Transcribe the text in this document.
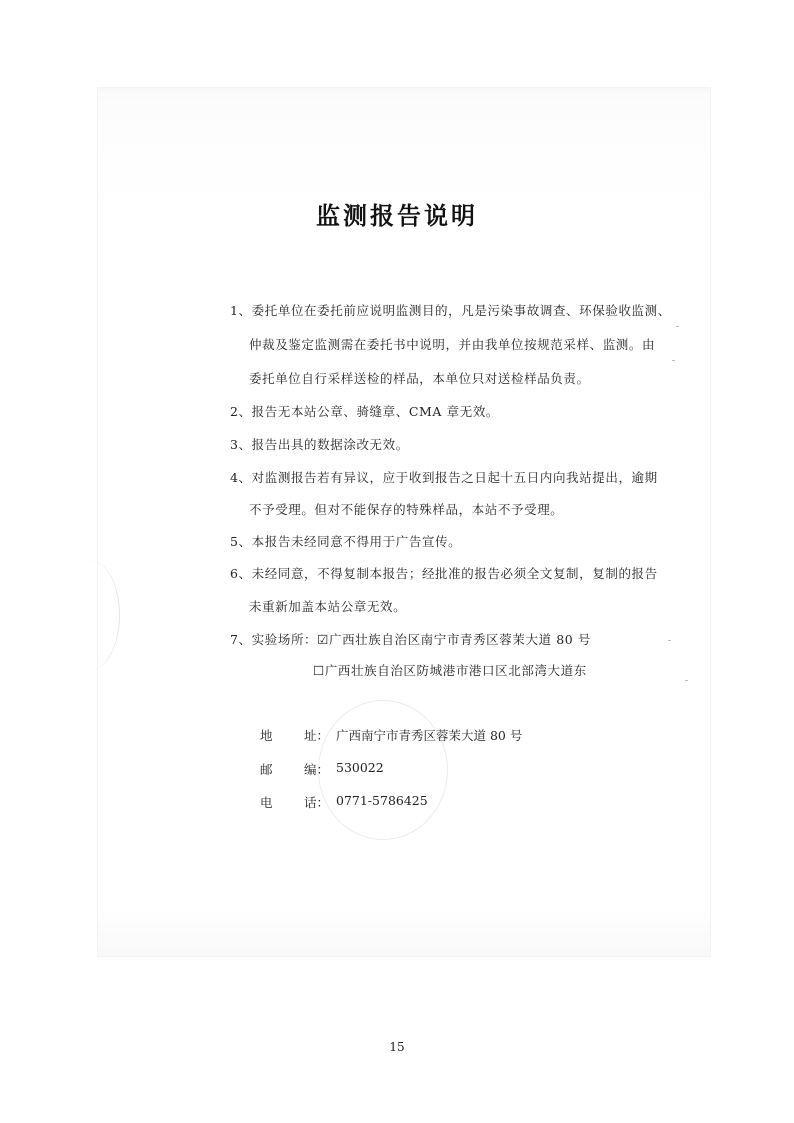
监测报告说明
1、委托单位在委托前应说明监测目的，凡是污染事故调查、环保验收监测、
仲裁及鉴定监测需在委托书中说明，并由我单位按规范采样、监测。由
委托单位自行采样送检的样品，本单位只对送检样品负责。
2、报告无本站公章、骑缝章、CMA 章无效。
3、报告出具的数据涂改无效。
4、对监测报告若有异议，应于收到报告之日起十五日内向我站提出，逾期
不予受理。但对不能保存的特殊样品，本站不予受理。
5、本报告未经同意不得用于广告宣传。
6、未经同意，不得复制本报告；经批准的报告必须全文复制，复制的报告
未重新加盖本站公章无效。
7、实验场所：☑广西壮族自治区南宁市青秀区蓉茉大道 80 号
☐广西壮族自治区防城港市港口区北部湾大道东
地	址： 广西南宁市青秀区蓉茉大道 80 号
邮	编： 530022
电	话： 0771-5786425
15
